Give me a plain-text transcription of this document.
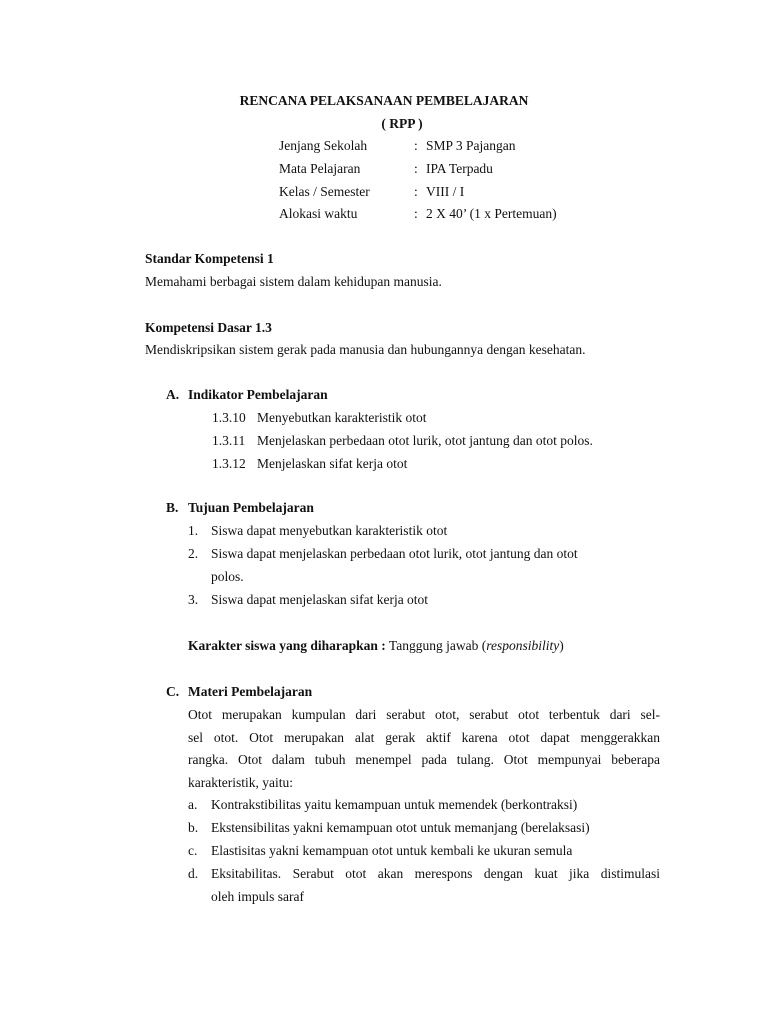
RENCANA PELAKSANAAN PEMBELAJARAN
( RPP )
Jenjang Sekolah	: SMP 3 Pajangan
Mata Pelajaran	: IPA Terpadu
Kelas / Semester	: VIII / I
Alokasi waktu	: 2 X 40’ (1 x Pertemuan)
Standar Kompetensi 1
Memahami berbagai sistem dalam kehidupan manusia.
Kompetensi Dasar 1.3
Mendiskripsikan sistem gerak pada manusia dan hubungannya dengan kesehatan.
A. Indikator Pembelajaran
1.3.10 Menyebutkan karakteristik otot
1.3.11 Menjelaskan perbedaan otot lurik, otot jantung dan otot polos.
1.3.12 Menjelaskan sifat kerja otot
B. Tujuan Pembelajaran
1. Siswa dapat menyebutkan karakteristik otot
2. Siswa dapat menjelaskan perbedaan otot lurik, otot jantung dan otot
polos.
3. Siswa dapat menjelaskan sifat kerja otot
Karakter siswa yang diharapkan : Tanggung jawab (responsibility)
C. Materi Pembelajaran
Otot merupakan kumpulan dari serabut otot, serabut otot terbentuk dari sel-
sel otot. Otot merupakan alat gerak aktif karena otot dapat menggerakkan
rangka. Otot dalam tubuh menempel pada tulang. Otot mempunyai beberapa
karakteristik, yaitu:
a. Kontrakstibilitas yaitu kemampuan untuk memendek (berkontraksi)
b. Ekstensibilitas yakni kemampuan otot untuk memanjang (berelaksasi)
c. Elastisitas yakni kemampuan otot untuk kembali ke ukuran semula
d. Eksitabilitas. Serabut otot akan merespons dengan kuat jika distimulasi
oleh impuls saraf
